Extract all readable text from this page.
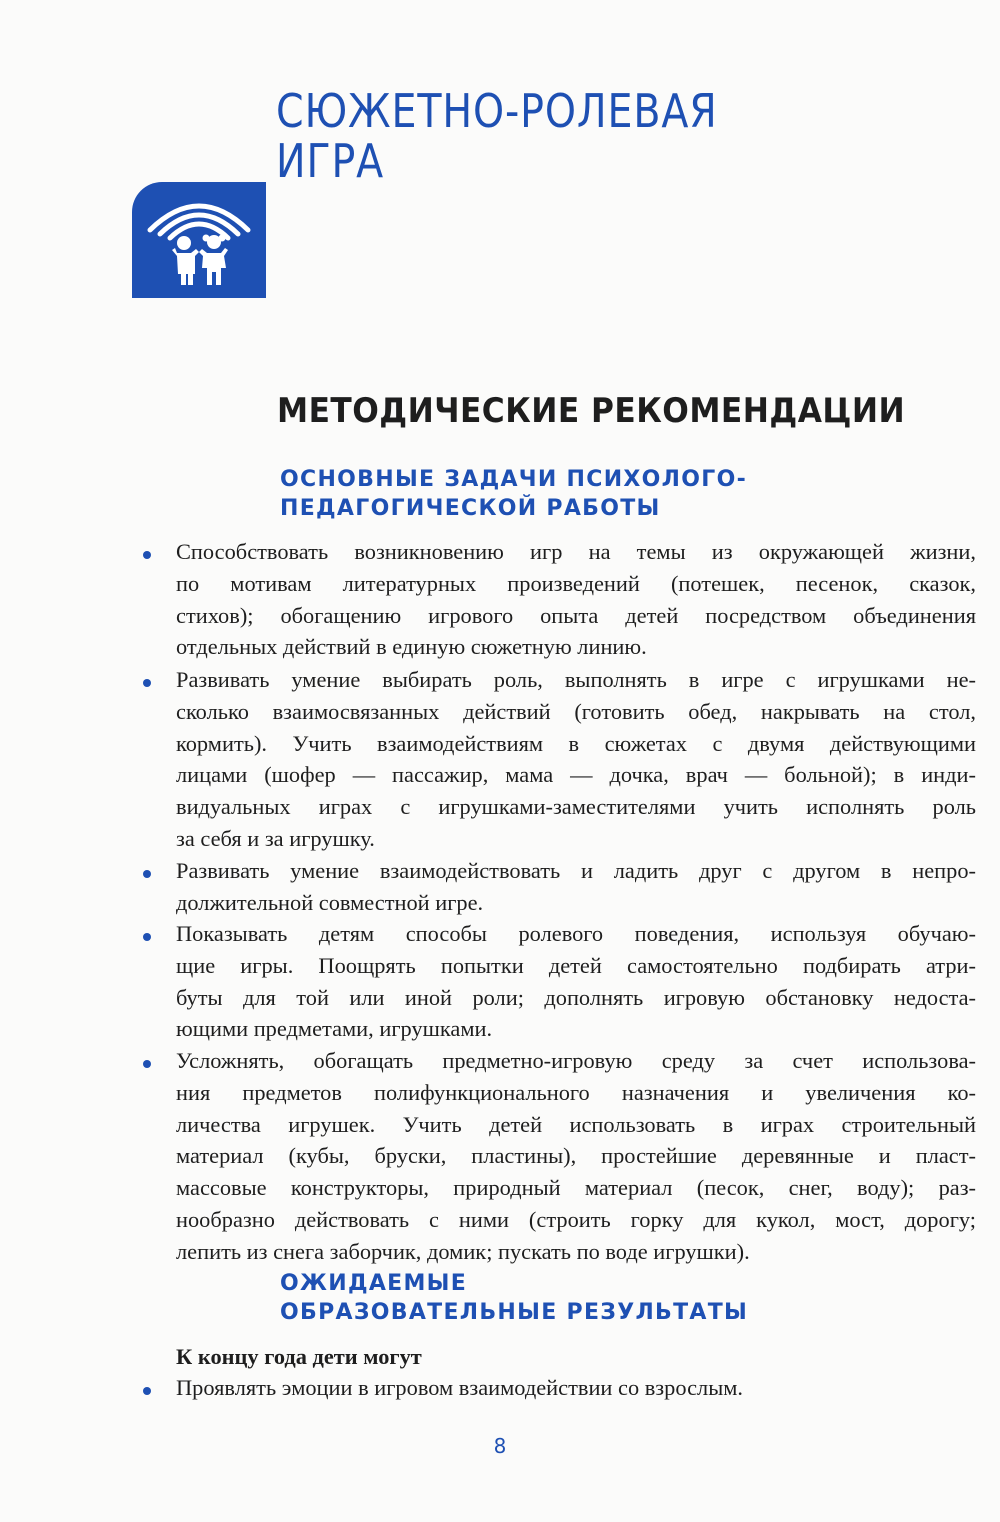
СЮЖЕТНО-РОЛЕВАЯ
ИГРА
МЕТОДИЧЕСКИЕ РЕКОМЕНДАЦИИ
ОСНОВНЫЕ ЗАДАЧИ ПСИХОЛОГО-
ПЕДАГОГИЧЕСКОЙ РАБОТЫ
Способствовать возникновению игр на темы из окружающей жизни,
по мотивам литературных произведений (потешек, песенок, сказок,
стихов); обогащению игрового опыта детей посредством объединения
отдельных действий в единую сюжетную линию.
Развивать умение выбирать роль, выполнять в игре с игрушками не-
сколько взаимосвязанных действий (готовить обед, накрывать на стол,
кормить). Учить взаимодействиям в сюжетах с двумя действующими
лицами (шофер — пассажир, мама — дочка, врач — больной); в инди-
видуальных играх с игрушками-заместителями учить исполнять роль
за себя и за игрушку.
Развивать умение взаимодействовать и ладить друг с другом в непро-
должительной совместной игре.
Показывать детям способы ролевого поведения, используя обучаю-
щие игры. Поощрять попытки детей самостоятельно подбирать атри-
буты для той или иной роли; дополнять игровую обстановку недоста-
ющими предметами, игрушками.
Усложнять, обогащать предметно-игровую среду за счет использова-
ния предметов полифункционального назначения и увеличения ко-
личества игрушек. Учить детей использовать в играх строительный
материал (кубы, бруски, пластины), простейшие деревянные и пласт-
массовые конструкторы, природный материал (песок, снег, воду); раз-
нообразно действовать с ними (строить горку для кукол, мост, дорогу;
лепить из снега заборчик, домик; пускать по воде игрушки).
ОЖИДАЕМЫЕ
ОБРАЗОВАТЕЛЬНЫЕ РЕЗУЛЬТАТЫ
К концу года дети могут
Проявлять эмоции в игровом взаимодействии со взрослым.
8
